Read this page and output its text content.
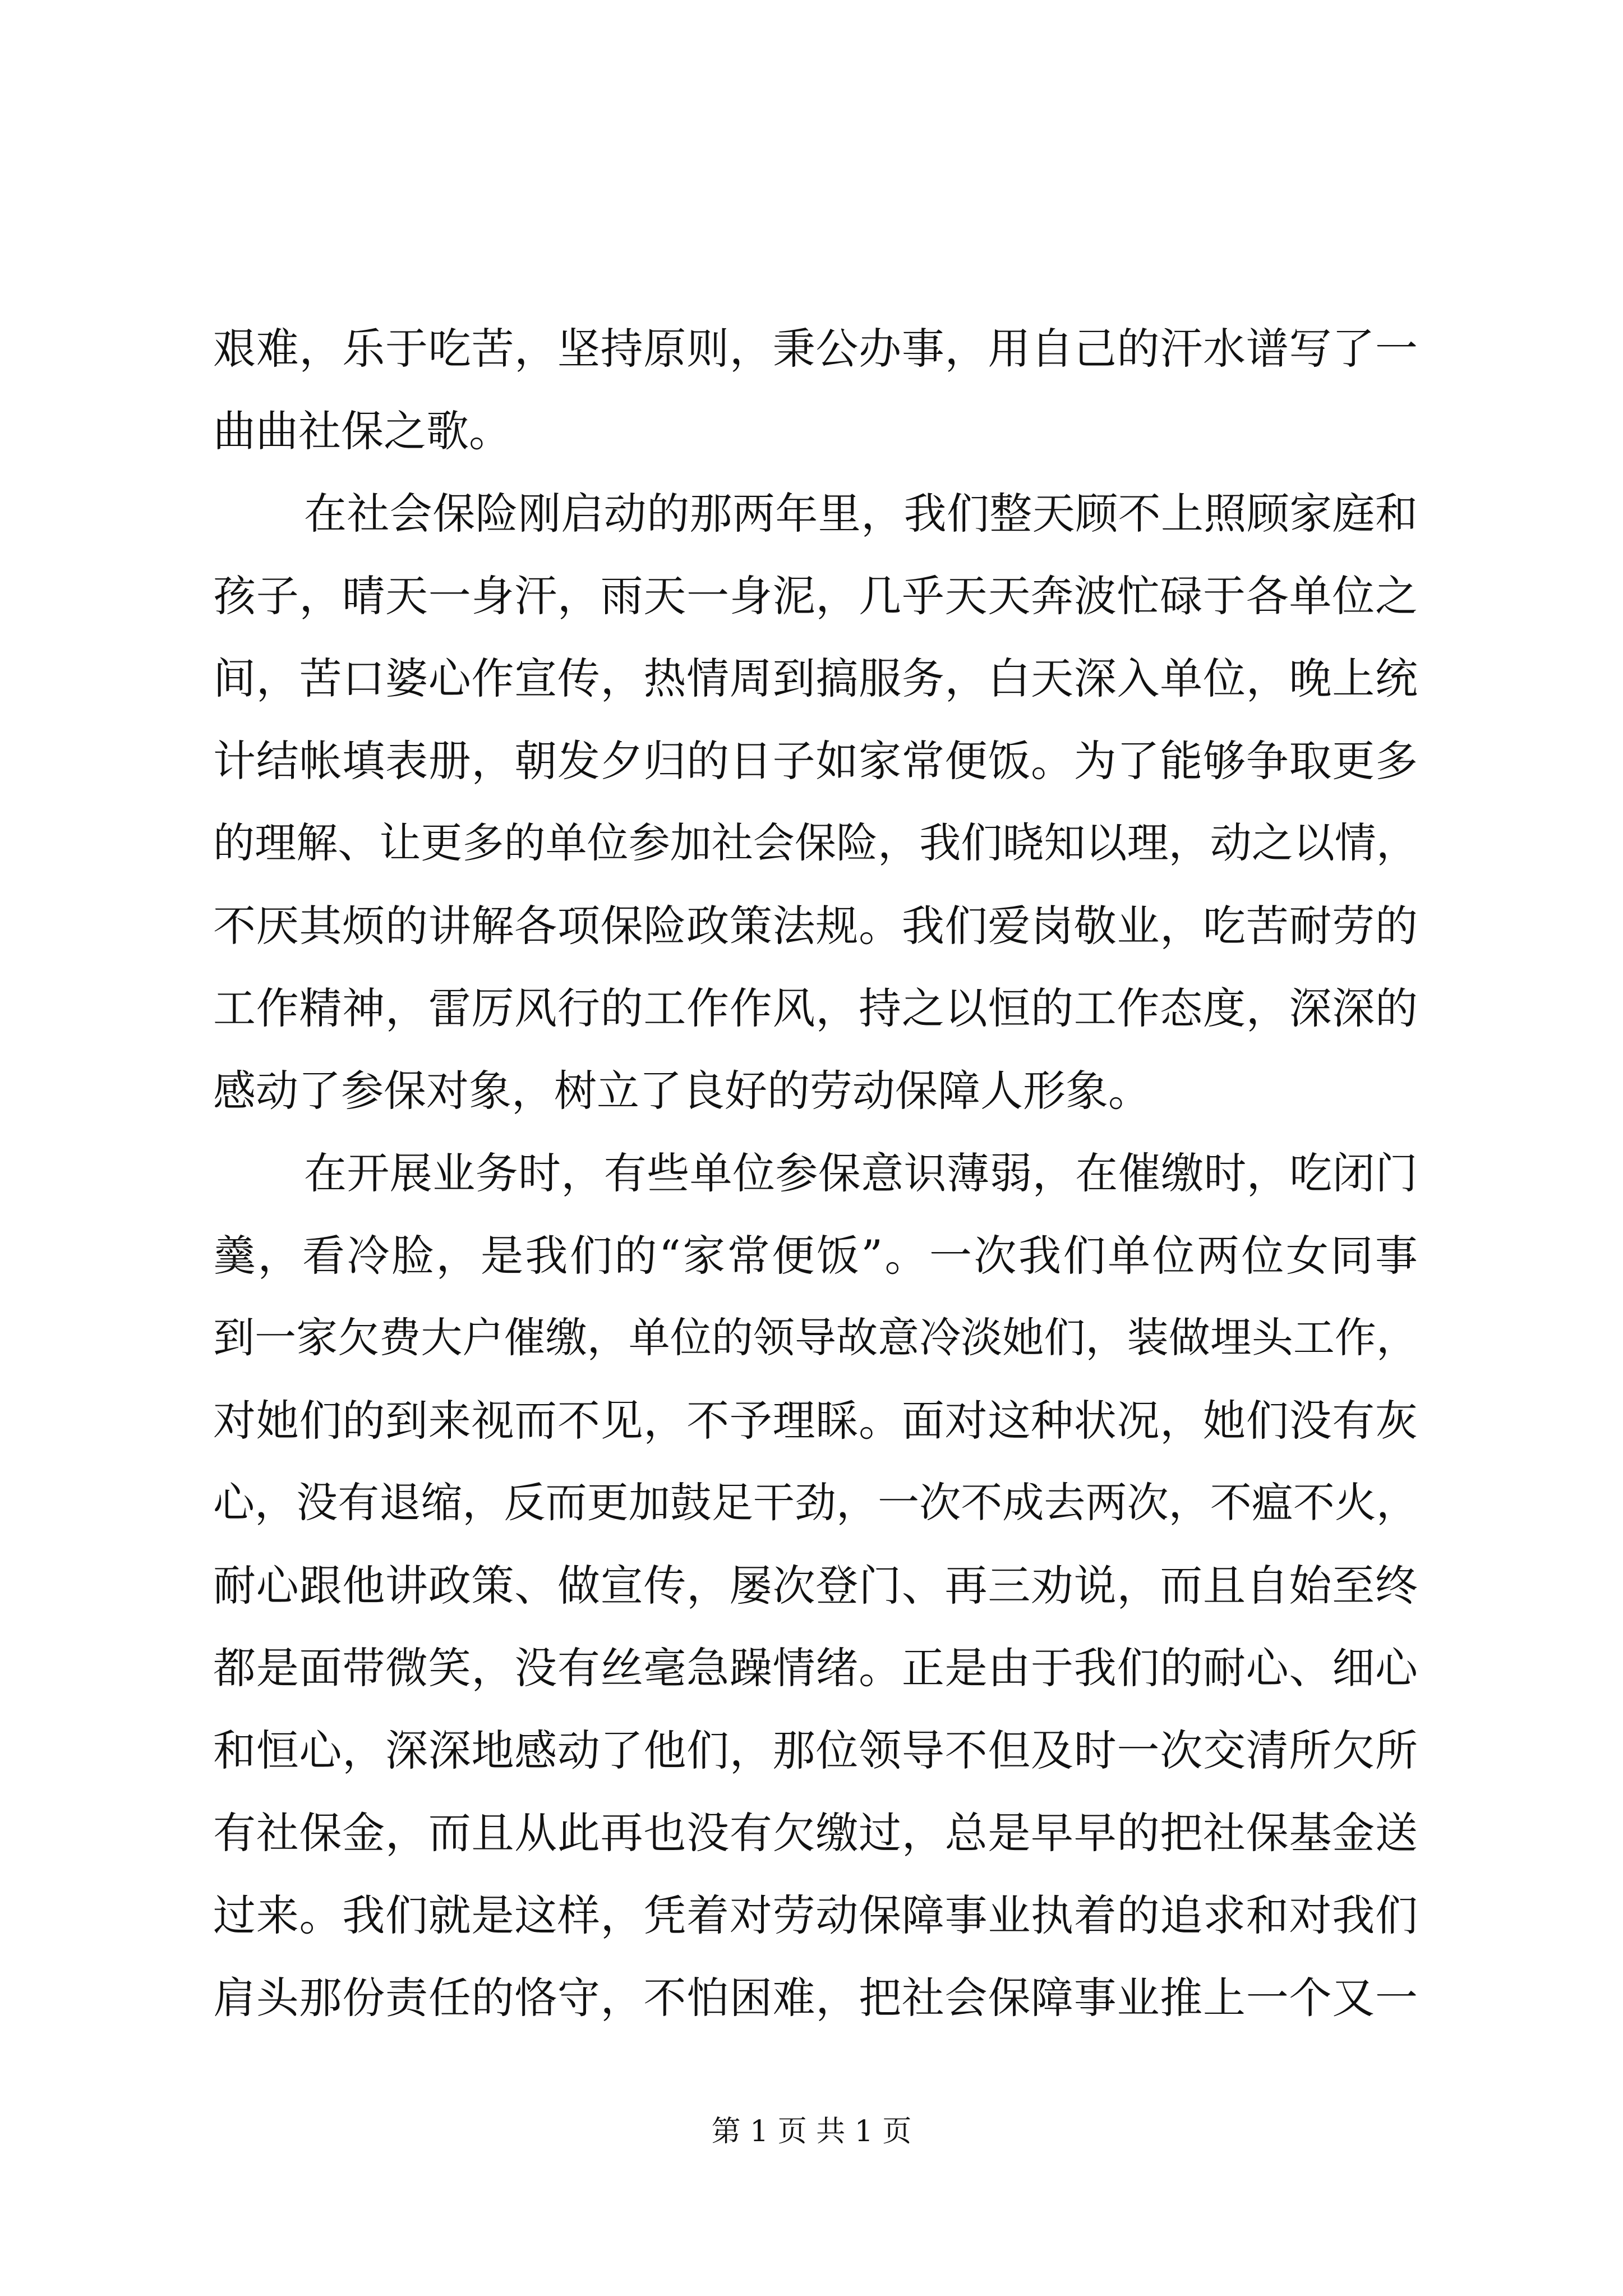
艰难，乐于吃苦，坚持原则，秉公办事，用自己的汗水谱写了一
曲曲社保之歌。
在社会保险刚启动的那两年里，我们整天顾不上照顾家庭和
孩子，晴天一身汗，雨天一身泥，几乎天天奔波忙碌于各单位之
间，苦口婆心作宣传，热情周到搞服务，白天深入单位，晚上统
计结帐填表册，朝发夕归的日子如家常便饭。为了能够争取更多
的理解、让更多的单位参加社会保险，我们晓知以理，动之以情，
不厌其烦的讲解各项保险政策法规。我们爱岗敬业，吃苦耐劳的
工作精神，雷厉风行的工作作风，持之以恒的工作态度，深深的
感动了参保对象，树立了良好的劳动保障人形象。
在开展业务时，有些单位参保意识薄弱，在催缴时，吃闭门
羹，看冷脸，是我们的“家常便饭”。一次我们单位两位女同事
到一家欠费大户催缴，单位的领导故意冷淡她们，装做埋头工作，
对她们的到来视而不见，不予理睬。面对这种状况，她们没有灰
心，没有退缩，反而更加鼓足干劲，一次不成去两次，不瘟不火，
耐心跟他讲政策、做宣传，屡次登门、再三劝说，而且自始至终
都是面带微笑，没有丝毫急躁情绪。正是由于我们的耐心、细心
和恒心，深深地感动了他们，那位领导不但及时一次交清所欠所
有社保金，而且从此再也没有欠缴过，总是早早的把社保基金送
过来。我们就是这样，凭着对劳动保障事业执着的追求和对我们
肩头那份责任的恪守，不怕困难，把社会保障事业推上一个又一
第 1 页 共 1 页
